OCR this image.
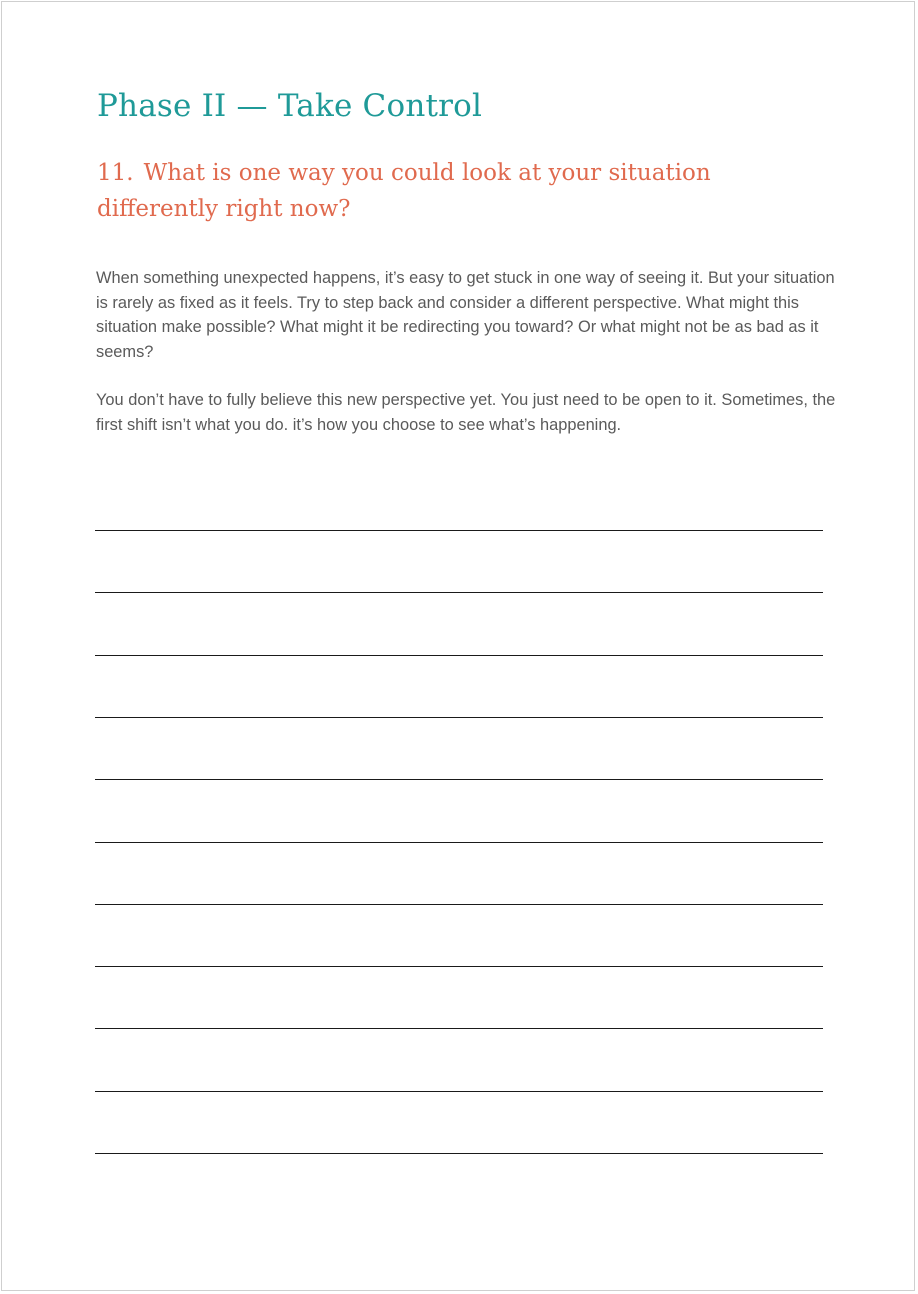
Phase II — Take Control
11. What is one way you could look at your situation differently right now?

When something unexpected happens, it’s easy to get stuck in one way of seeing it. But your situation is rarely as fixed as it feels. Try to step back and consider a different perspective. What might this situation make possible? What might it be redirecting you toward? Or what might not be as bad as it seems?

You don’t have to fully believe this new perspective yet. You just need to be open to it. Sometimes, the first shift isn’t what you do. it’s how you choose to see what’s happening.
